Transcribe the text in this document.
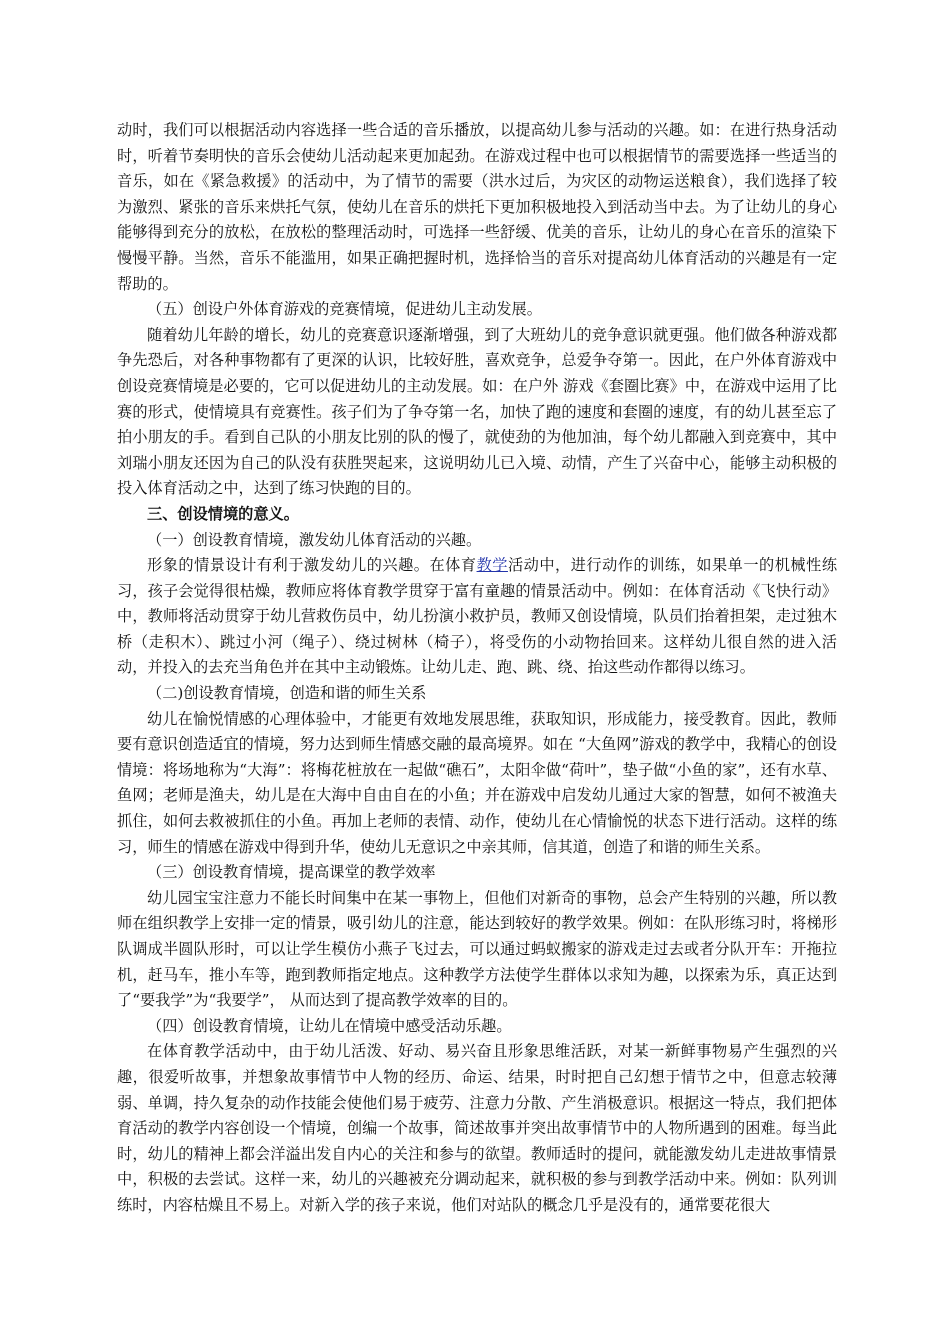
动时，我们可以根据活动内容选择一些合适的音乐播放，以提高幼儿参与活动的兴趣。如：在进行热身活动时，听着节奏明快的音乐会使幼儿活动起来更加起劲。在游戏过程中也可以根据情节的需要选择一些适当的音乐，如在《紧急救援》的活动中，为了情节的需要（洪水过后，为灾区的动物运送粮食），我们选择了较为激烈、紧张的音乐来烘托气氛，使幼儿在音乐的烘托下更加积极地投入到活动当中去。为了让幼儿的身心能够得到充分的放松，在放松的整理活动时，可选择一些舒缓、优美的音乐，让幼儿的身心在音乐的渲染下慢慢平静。当然，音乐不能滥用，如果正确把握时机，选择恰当的音乐对提高幼儿体育活动的兴趣是有一定帮助的。

（五）创设户外体育游戏的竞赛情境，促进幼儿主动发展。

随着幼儿年龄的增长，幼儿的竞赛意识逐渐增强，到了大班幼儿的竞争意识就更强。他们做各种游戏都争先恐后，对各种事物都有了更深的认识，比较好胜，喜欢竞争，总爱争夺第一。因此，在户外体育游戏中创设竞赛情境是必要的，它可以促进幼儿的主动发展。如：在户外 游戏《套圈比赛》中，在游戏中运用了比赛的形式，使情境具有竞赛性。孩子们为了争夺第一名，加快了跑的速度和套圈的速度，有的幼儿甚至忘了拍小朋友的手。看到自己队的小朋友比别的队的慢了，就使劲的为他加油，每个幼儿都融入到竞赛中，其中刘瑞小朋友还因为自己的队没有获胜哭起来，这说明幼儿已入境、动情，产生了兴奋中心，能够主动积极的投入体育活动之中，达到了练习快跑的目的。

三、创设情境的意义。

（一）创设教育情境，激发幼儿体育活动的兴趣。

形象的情景设计有利于激发幼儿的兴趣。在体育教学活动中，进行动作的训练，如果单一的机械性练习，孩子会觉得很枯燥，教师应将体育教学贯穿于富有童趣的情景活动中。例如：在体育活动《飞快行动》中，教师将活动贯穿于幼儿营救伤员中，幼儿扮演小救护员，教师又创设情境，队员们抬着担架，走过独木桥（走积木）、跳过小河（绳子）、绕过树林（椅子），将受伤的小动物抬回来。这样幼儿很自然的进入活动，并投入的去充当角色并在其中主动锻炼。让幼儿走、跑、跳、绕、抬这些动作都得以练习。

（二)创设教育情境，创造和谐的师生关系

幼儿在愉悦情感的心理体验中，才能更有效地发展思维，获取知识，形成能力，接受教育。因此，教师要有意识创造适宜的情境，努力达到师生情感交融的最高境界。如在 “大鱼网”游戏的教学中，我精心的创设情境：将场地称为“大海”：将梅花桩放在一起做“礁石”，太阳伞做“荷叶”，垫子做“小鱼的家”，还有水草、鱼网；老师是渔夫，幼儿是在大海中自由自在的小鱼；并在游戏中启发幼儿通过大家的智慧，如何不被渔夫抓住，如何去救被抓住的小鱼。再加上老师的表情、动作，使幼儿在心情愉悦的状态下进行活动。这样的练习，师生的情感在游戏中得到升华，使幼儿无意识之中亲其师，信其道，创造了和谐的师生关系。

（三）创设教育情境，提高课堂的教学效率

幼儿园宝宝注意力不能长时间集中在某一事物上，但他们对新奇的事物，总会产生特别的兴趣，所以教师在组织教学上安排一定的情景，吸引幼儿的注意，能达到较好的教学效果。例如：在队形练习时，将梯形队调成半圆队形时，可以让学生模仿小燕子飞过去，可以通过蚂蚁搬家的游戏走过去或者分队开车：开拖拉机，赶马车，推小车等，跑到教师指定地点。这种教学方法使学生群体以求知为趣，以探索为乐，真正达到了“要我学”为“我要学”， 从而达到了提高教学效率的目的。

（四）创设教育情境，让幼儿在情境中感受活动乐趣。

在体育教学活动中，由于幼儿活泼、好动、易兴奋且形象思维活跃，对某一新鲜事物易产生强烈的兴趣，很爱听故事，并想象故事情节中人物的经历、命运、结果，时时把自己幻想于情节之中，但意志较薄弱、单调，持久复杂的动作技能会使他们易于疲劳、注意力分散、产生消极意识。根据这一特点，我们把体育活动的教学内容创设一个情境，创编一个故事，简述故事并突出故事情节中的人物所遇到的困难。每当此时，幼儿的精神上都会洋溢出发自内心的关注和参与的欲望。教师适时的提问，就能激发幼儿走进故事情景中，积极的去尝试。这样一来，幼儿的兴趣被充分调动起来，就积极的参与到教学活动中来。例如：队列训练时，内容枯燥且不易上。对新入学的孩子来说，他们对站队的概念几乎是没有的，通常要花很大
